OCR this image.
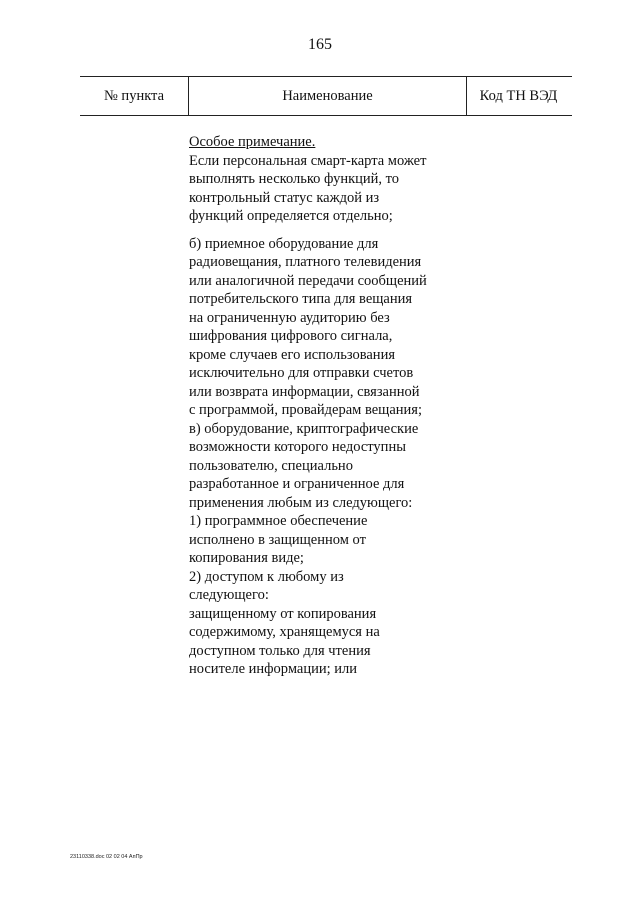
165
№ пункта	Наименование	Код ТН ВЭД
Особое примечание.
Если персональная смарт-карта может
выполнять несколько функций, то
контрольный статус каждой из
функций определяется отдельно;
б) приемное оборудование для
радиовещания, платного телевидения
или аналогичной передачи сообщений
потребительского типа для вещания
на ограниченную аудиторию без
шифрования цифрового сигнала,
кроме случаев его использования
исключительно для отправки счетов
или возврата информации, связанной
с программой, провайдерам вещания;
в) оборудование, криптографические
возможности которого недоступны
пользователю, специально
разработанное и ограниченное для
применения любым из следующего:
1) программное обеспечение
исполнено в защищенном от
копирования виде;
2) доступом к любому из
следующего:
защищенному от копирования
содержимому, хранящемуся на
доступном только для чтения
носителе информации; или
23110338.doc 02 02 04 АпПр
